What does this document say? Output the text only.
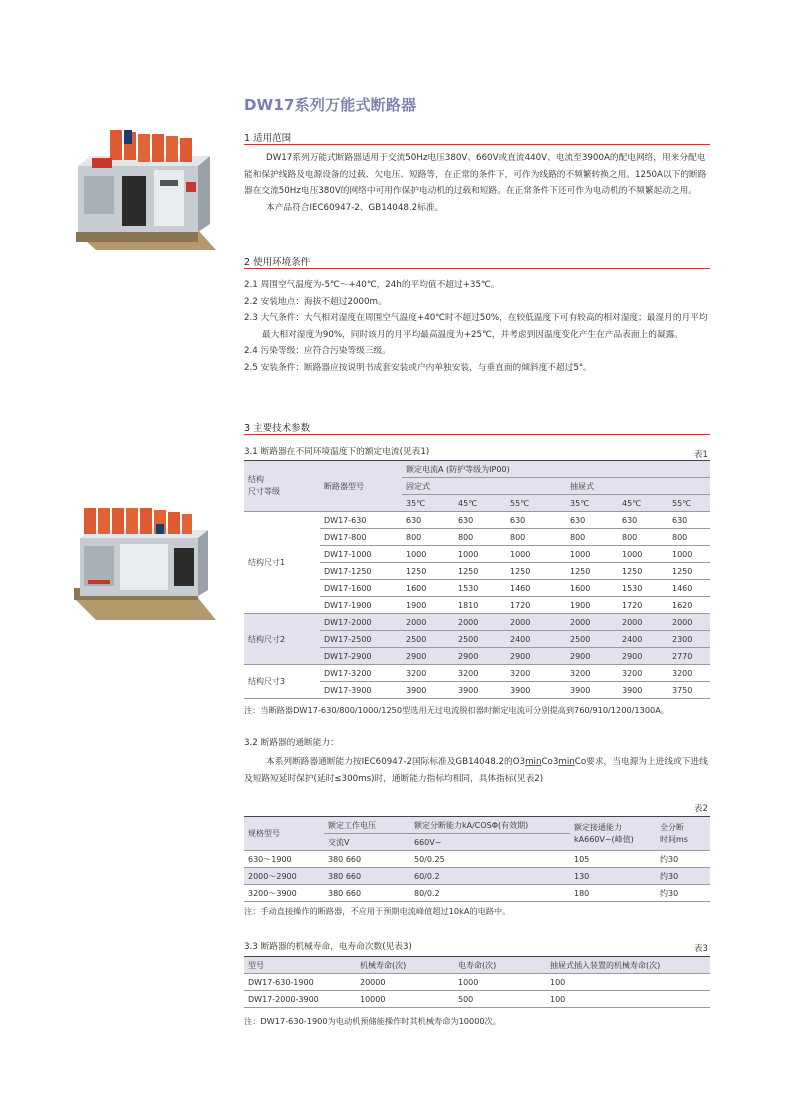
DW17系列万能式断路器
1 适用范围

DW17系列万能式断路器适用于交流50Hz电压380V、660V或直流440V、电流至3900A的配电网络，用来分配电能和保护线路及电源设备的过载、欠电压、短路等，在正常的条件下，可作为线路的不频繁转换之用。1250A以下的断路器在交流50Hz电压380V的网络中可用作保护电动机的过载和短路。在正常条件下还可作为电动机的不频繁起动之用。

本产品符合IEC60947-2、GB14048.2标准。

2 使用环境条件

2.1 周围空气温度为-5℃～+40℃，24h的平均值不超过+35℃。

2.2 安装地点：海拔不超过2000m。

2.3 大气条件：大气相对湿度在周围空气温度+40℃时不超过50%，在较低温度下可有较高的相对湿度；最湿月的月平均最大相对湿度为90%，同时该月的月平均最高温度为+25℃，并考虑到因温度变化产生在产品表面上的凝露。

2.4 污染等级：应符合污染等级三级。

2.5 安装条件：断路器应按说明书成套安装或户内单独安装，与垂直面的倾斜度不超过5°。

3 主要技术参数
3.1 断路器在不同环境温度下的额定电流(见表1)	表1
结构
尺寸等级	断路器型号	额定电流A (防护等级为IP00)					
		固定式			抽屉式		
		35℃	45℃	55℃	35℃	45℃	55℃
结构尺寸1	DW17-630	630	630	630	630	630	630
	DW17-800	800	800	800	800	800	800
	DW17-1000	1000	1000	1000	1000	1000	1000
	DW17-1250	1250	1250	1250	1250	1250	1250
	DW17-1600	1600	1530	1460	1600	1530	1460
	DW17-1900	1900	1810	1720	1900	1720	1620
结构尺寸2	DW17-2000	2000	2000	2000	2000	2000	2000
	DW17-2500	2500	2500	2400	2500	2400	2300
	DW17-2900	2900	2900	2900	2900	2900	2770
结构尺寸3	DW17-3200	3200	3200	3200	3200	3200	3200
	DW17-3900	3900	3900	3900	3900	3900	3750
注：当断路器DW17-630/800/1000/1250型选用无过电流脱扣器时额定电流可分别提高到760/910/1200/1300A。
3.2 断路器的通断能力：

本系列断路器通断能力按IEC60947-2国际标准及GB14048.2的O3minCo3minCo要求，当电源为上进线或下进线及短路短延时保护(延时≤300ms)时，通断能力指标均相同，具体指标(见表2)

表2
规格型号	额定工作电压	额定分断能力kA/COSΦ(有效期)	额定接通能力
kA660V~(峰值)	全分断
时间ms
	交流V	660V~		
630～1900	380 660	50/0.25	105	约30
2000～2900	380 660	60/0.2	130	约30
3200～3900	380 660	80/0.2	180	约30
注：手动直接操作的断路器，不应用于预期电流峰值超过10kA的电路中。
3.3 断路器的机械寿命，电寿命次数(见表3)	表3
型号	机械寿命(次)	电寿命(次)	抽屉式插入装置的机械寿命(次)
DW17-630-1900	20000	1000	100
DW17-2000-3900	10000	500	100
注：DW17-630-1900为电动机预储能操作时其机械寿命为10000次。
